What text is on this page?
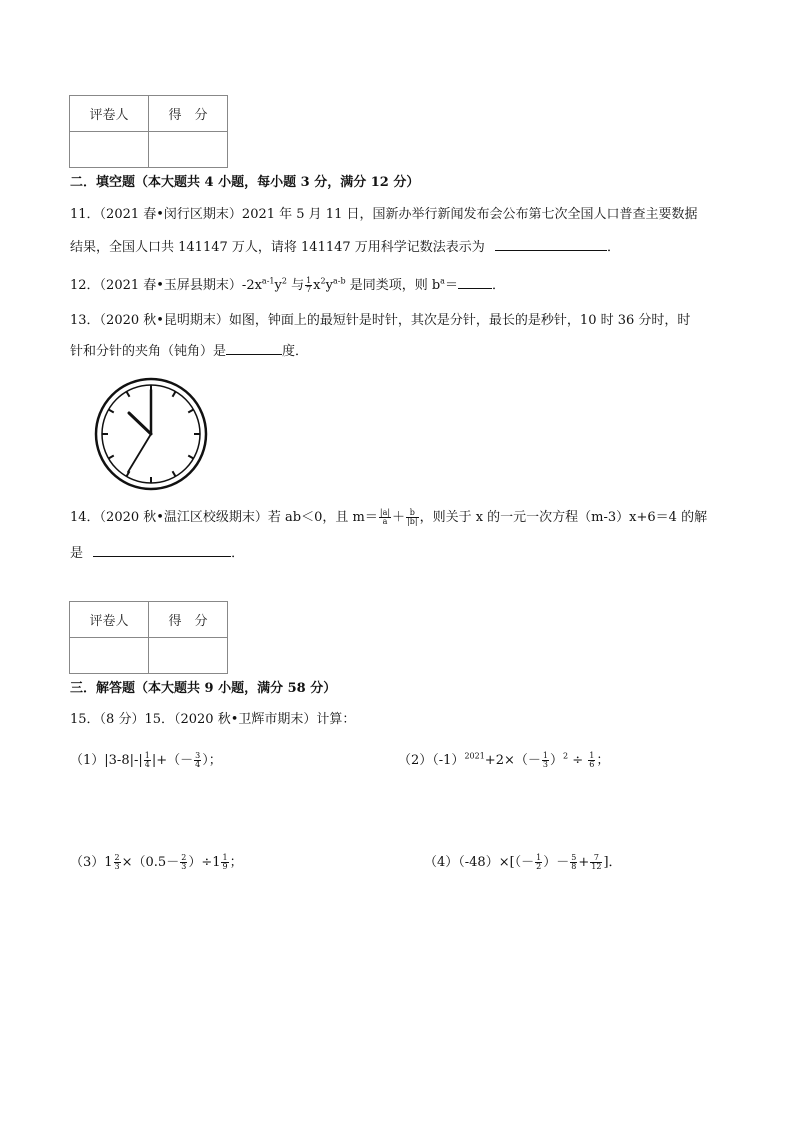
评卷人	得　分

二．填空题（本大题共 4 小题，每小题 3 分，满分 12 分）
11．（2021 春•闵行区期末）2021 年 5 月 11 日，国新办举行新闻发布会公布第七次全国人口普查主要数据
结果，全国人口共 141147 万人，请将 141147 万用科学记数法表示为	．
12．（2021 春•玉屏县期末）$-2x^{a-1}y^2$ 与 $\frac{1}{7} x^2y^{a-b}$ 是同类项，则 $b^a=$	．
13．（2020 秋•昆明期末）如图，钟面上的最短针是时针，其次是分针，最长的是秒针，10 时 36 分时，时
针和分针的夹角（钝角）是	度．
14．（2020 秋•温江区校级期末）若 ab＜0，且 $m= \frac{|a|}{a} + \frac{b}{|b|}$ ，则关于 x 的一元一次方程（m-3）x+6＝4 的解
是	．
评卷人	得　分

三．解答题（本大题共 9 小题，满分 58 分）
15．（8 分）15．（2020 秋•卫辉市期末）计算：
$(1)|3-8|-| \frac{1}{4}$ |+（－ $\frac{3}{4}$ ）；	$(2)(-1)^{2021}+2\times(- \frac{1}{3} )^2 \div \frac{1}{6}$ ；
$(3)1 \frac{2}{3} \times(0.5- \frac{2}{3} )\div 1 \frac{1}{9}$ ；	$(4)(-48)\times[(- \frac{1}{2}$ ）－ $\frac{5}{8} + \frac{7}{12}$ ]．
